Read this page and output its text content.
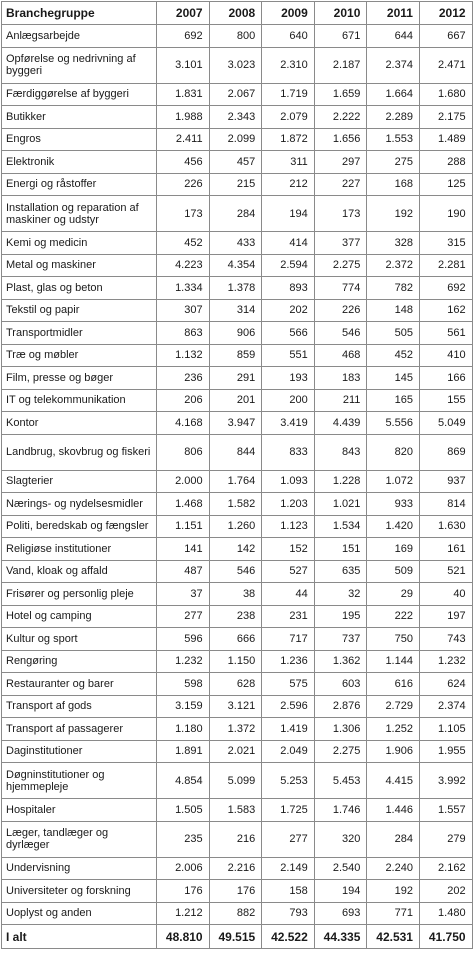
Branchegruppe	2007	2008	2009	2010	2011	2012
Anlægsarbejde	692	800	640	671	644	667
Opførelse og nedrivning af byggeri	3.101	3.023	2.310	2.187	2.374	2.471
Færdiggørelse af byggeri	1.831	2.067	1.719	1.659	1.664	1.680
Butikker	1.988	2.343	2.079	2.222	2.289	2.175
Engros	2.411	2.099	1.872	1.656	1.553	1.489
Elektronik	456	457	311	297	275	288
Energi og råstoffer	226	215	212	227	168	125
Installation og reparation af maskiner og udstyr	173	284	194	173	192	190
Kemi og medicin	452	433	414	377	328	315
Metal og maskiner	4.223	4.354	2.594	2.275	2.372	2.281
Plast, glas og beton	1.334	1.378	893	774	782	692
Tekstil og papir	307	314	202	226	148	162
Transportmidler	863	906	566	546	505	561
Træ og møbler	1.132	859	551	468	452	410
Film, presse og bøger	236	291	193	183	145	166
IT og telekommunikation	206	201	200	211	165	155
Kontor	4.168	3.947	3.419	4.439	5.556	5.049
Landbrug, skovbrug og fiskeri	806	844	833	843	820	869
Slagterier	2.000	1.764	1.093	1.228	1.072	937
Nærings- og nydelsesmidler	1.468	1.582	1.203	1.021	933	814
Politi, beredskab og fængsler	1.151	1.260	1.123	1.534	1.420	1.630
Religiøse institutioner	141	142	152	151	169	161
Vand, kloak og affald	487	546	527	635	509	521
Frisører og personlig pleje	37	38	44	32	29	40
Hotel og camping	277	238	231	195	222	197
Kultur og sport	596	666	717	737	750	743
Rengøring	1.232	1.150	1.236	1.362	1.144	1.232
Restauranter og barer	598	628	575	603	616	624
Transport af gods	3.159	3.121	2.596	2.876	2.729	2.374
Transport af passagerer	1.180	1.372	1.419	1.306	1.252	1.105
Daginstitutioner	1.891	2.021	2.049	2.275	1.906	1.955
Døgninstitutioner og hjemmepleje	4.854	5.099	5.253	5.453	4.415	3.992
Hospitaler	1.505	1.583	1.725	1.746	1.446	1.557
Læger, tandlæger og dyrlæger	235	216	277	320	284	279
Undervisning	2.006	2.216	2.149	2.540	2.240	2.162
Universiteter og forskning	176	176	158	194	192	202
Uoplyst og anden	1.212	882	793	693	771	1.480
I alt	48.810	49.515	42.522	44.335	42.531	41.750
